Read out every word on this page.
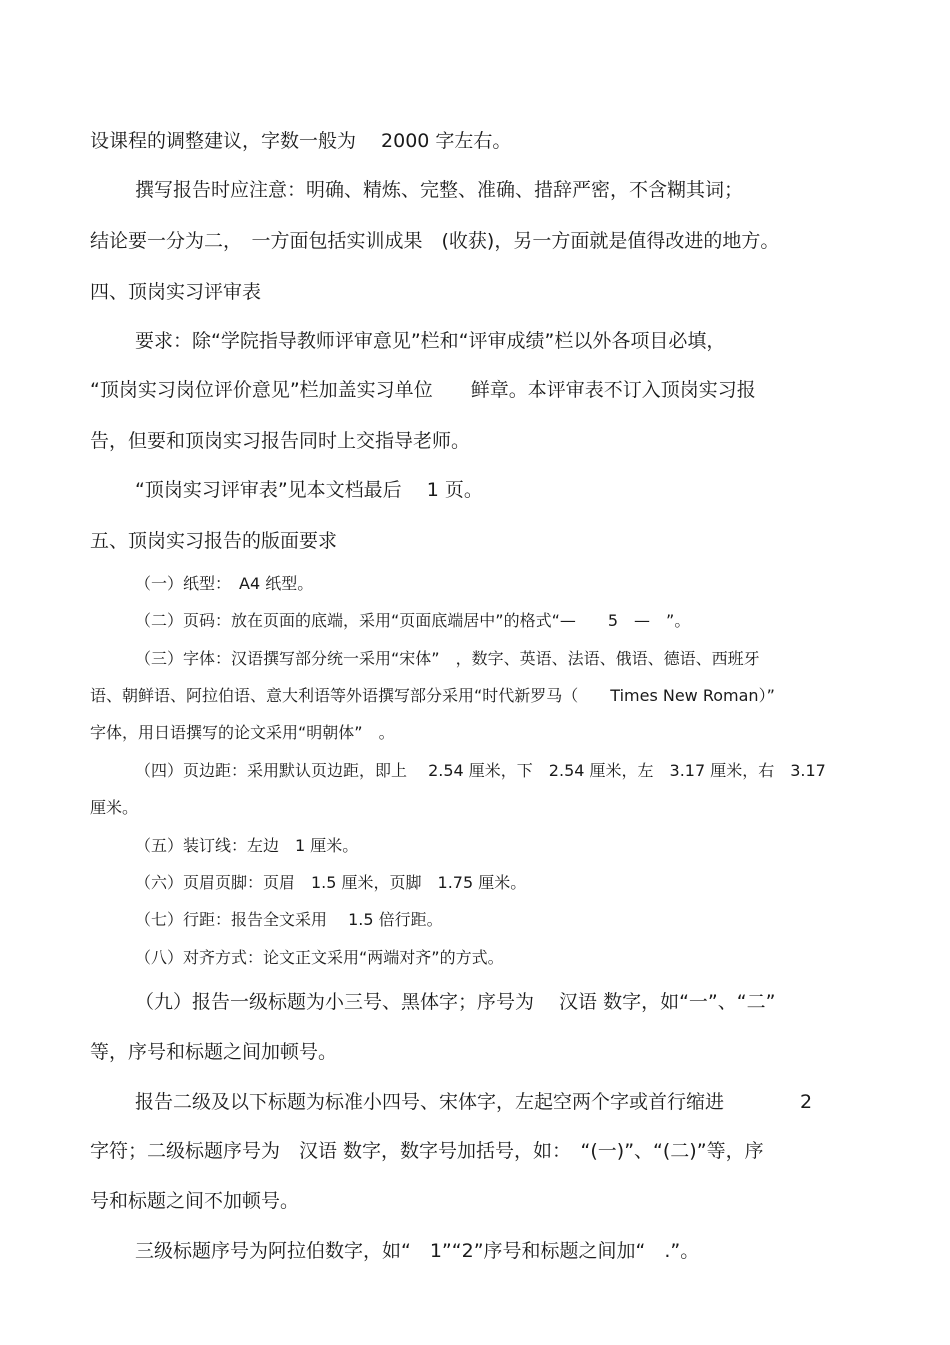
设课程的调整建议，字数一般为　 2000 字左右。
撰写报告时应注意：明确、精炼、完整、准确、措辞严密，不含糊其词；
结论要一分为二，　一方面包括实训成果　(收获)，另一方面就是值得改进的地方。
四、顶岗实习评审表
要求：除“学院指导教师评审意见”栏和“评审成绩”栏以外各项目必填，
“顶岗实习岗位评价意见”栏加盖实习单位　　鲜章。本评审表不订入顶岗实习报
告，但要和顶岗实习报告同时上交指导老师。
“顶岗实习评审表”见本文档最后　 1 页。
五、顶岗实习报告的版面要求
（一）纸型：　A4 纸型。
（二）页码：放在页面的底端，采用“页面底端居中”的格式“—　　5　—　”。
（三）字体：汉语撰写部分统一采用“宋体”　，数字、英语、法语、俄语、德语、西班牙
语、朝鲜语、阿拉伯语、意大利语等外语撰写部分采用“时代新罗马（　　Times New Roman）”
字体，用日语撰写的论文采用“明朝体”　。
（四）页边距：采用默认页边距，即上　 2.54 厘米，下　2.54 厘米，左　3.17 厘米，右　3.17
厘米。
（五）装订线：左边　1 厘米。
（六）页眉页脚：页眉　1.5 厘米，页脚　1.75 厘米。
（七）行距：报告全文采用　 1.5 倍行距。
（八）对齐方式：论文正文采用“两端对齐”的方式。
（九）报告一级标题为小三号、黑体字；序号为　 汉语 数字，如“一”、“二”
等，序号和标题之间加顿号。
报告二级及以下标题为标准小四号、宋体字，左起空两个字或首行缩进　　　　2
字符；二级标题序号为　汉语 数字，数字号加括号，如：　“(一)”、“(二)”等，序
号和标题之间不加顿号。
三级标题序号为阿拉伯数字，如“　1”“2”序号和标题之间加“　.”。
